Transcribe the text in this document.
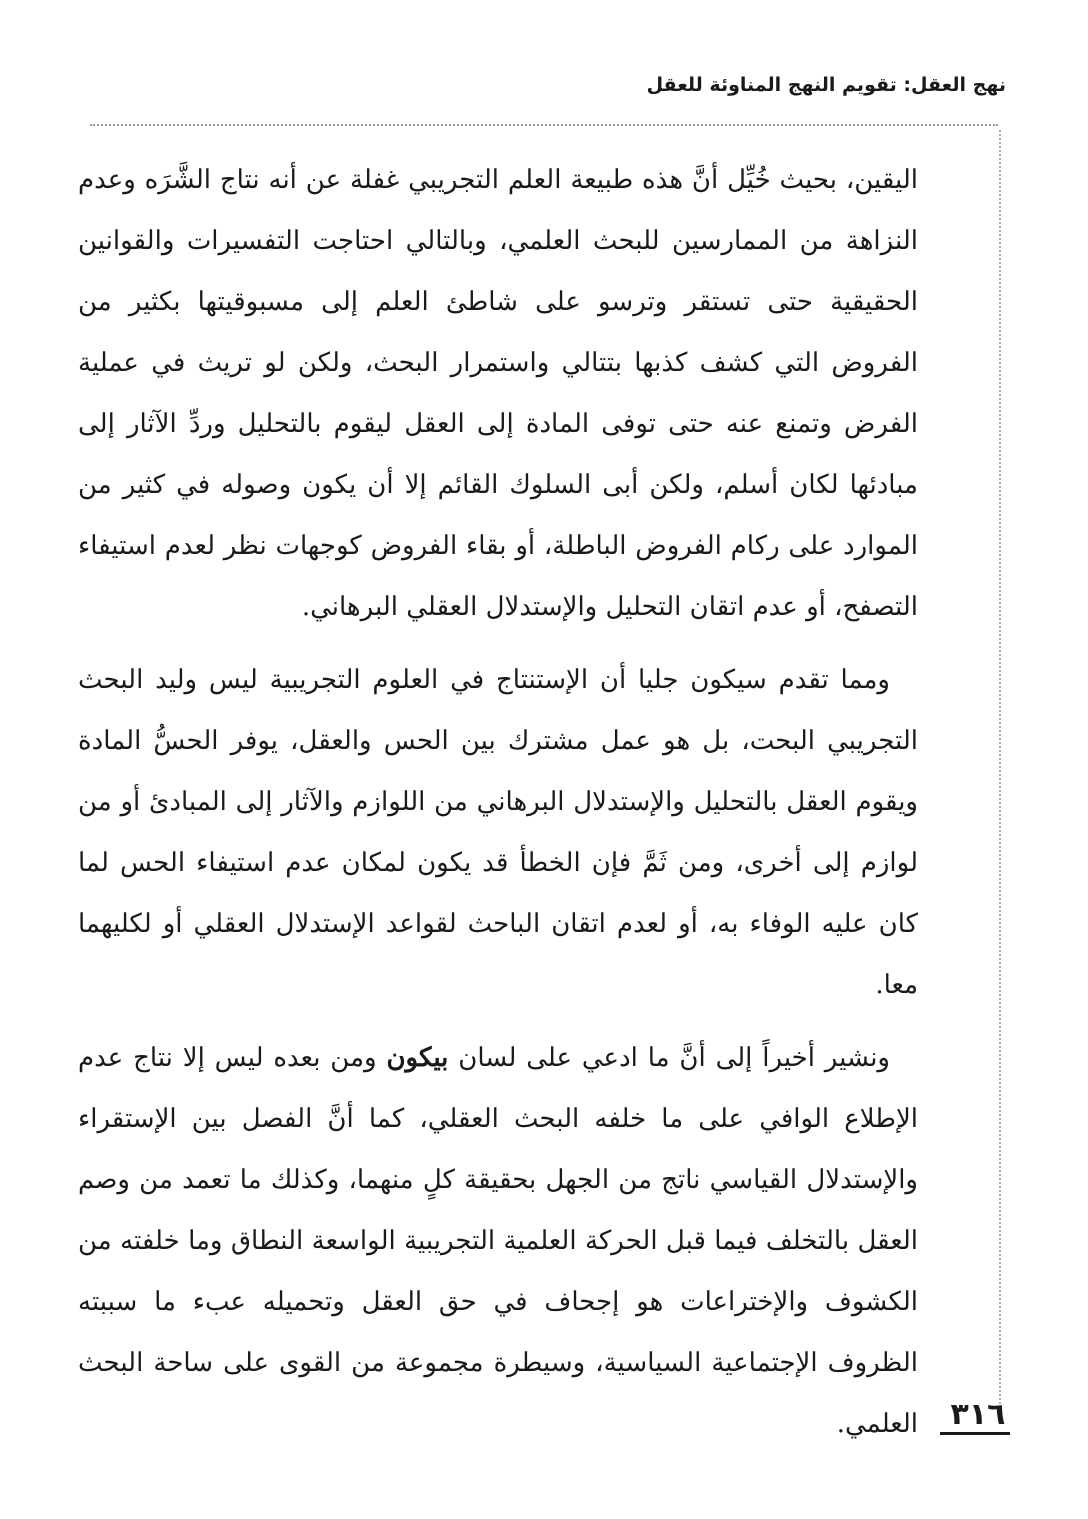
نهج العقل: تقويم النهج المناوئة للعقل

اليقين، بحيث خُيِّل أنَّ هذه طبيعة العلم التجريبي غفلة عن أنه نتاج الشَّرَه وعدم النزاهة من الممارسين للبحث العلمي، وبالتالي احتاجت التفسيرات والقوانين الحقيقية حتى تستقر وترسو على شاطئ العلم إلى مسبوقيتها بكثير من الفروض التي كشف كذبها بتتالي واستمرار البحث، ولكن لو تريث في عملية الفرض وتمنع عنه حتى توفى المادة إلى العقل ليقوم بالتحليل وردِّ الآثار إلى مبادئها لكان أسلم، ولكن أبى السلوك القائم إلا أن يكون وصوله في كثير من الموارد على ركام الفروض الباطلة، أو بقاء الفروض كوجهات نظر لعدم استيفاء التصفح، أو عدم اتقان التحليل والإستدلال العقلي البرهاني.

ومما تقدم سيكون جليا أن الإستنتاج في العلوم التجريبية ليس وليد البحث التجريبي البحت، بل هو عمل مشترك بين الحس والعقل، يوفر الحسُّ المادة ويقوم العقل بالتحليل والإستدلال البرهاني من اللوازم والآثار إلى المبادئ أو من لوازم إلى أخرى، ومن ثَمَّ فإن الخطأ قد يكون لمكان عدم استيفاء الحس لما كان عليه الوفاء به، أو لعدم اتقان الباحث لقواعد الإستدلال العقلي أو لكليهما معا.

ونشير أخيراً إلى أنَّ ما ادعي على لسان بيكون ومن بعده ليس إلا نتاج عدم الإطلاع الوافي على ما خلفه البحث العقلي، كما أنَّ الفصل بين الإستقراء والإستدلال القياسي ناتج من الجهل بحقيقة كلٍ منهما، وكذلك ما تعمد من وصم العقل بالتخلف فيما قبل الحركة العلمية التجريبية الواسعة النطاق وما خلفته من الكشوف والإختراعات هو إجحاف في حق العقل وتحميله عبء ما سببته الظروف الإجتماعية السياسية، وسيطرة مجموعة من القوى على ساحة البحث العلمي.	٣١٦
